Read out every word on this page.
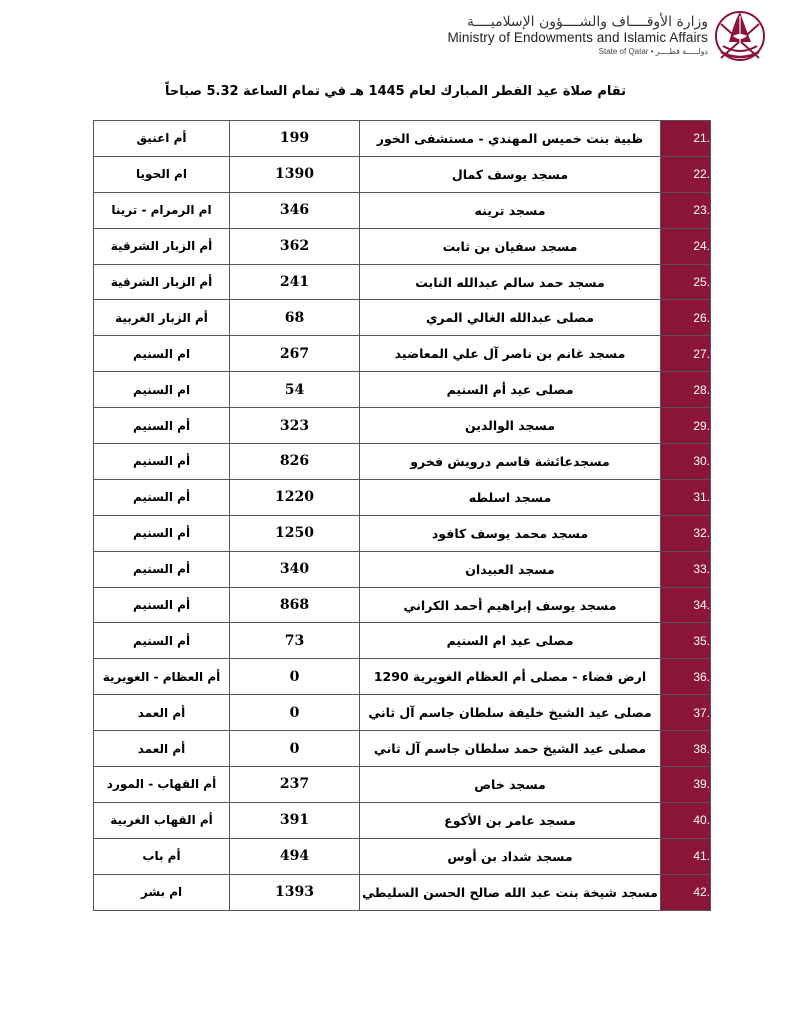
وزارة الأوقــــاف والشــــؤون الإسلاميــــة
Ministry of Endowments and Islamic Affairs
State of Qatar • دولـــــة قطــــر
تقام صلاة عيد الفطر المبارك لعام 1445 هـ في تمام الساعة 5.32 صباحاً
أم اعنيق	199	ظبية بنت خميس المهندي - مستشفى الخور	21.
ام الحويا	1390	مسجد يوسف كمال	22.
ام الرمرام - ترينا	346	مسجد ترينه	23.
أم الزبار الشرقية	362	مسجد سفيان بن ثابت	24.
أم الزبار الشرقية	241	مسجد حمد سالم عبدالله النابت	25.
أم الزبار الغربية	68	مصلى عبدالله الغالي المري	26.
ام السنيم	267	مسجد غانم بن ناصر آل علي المعاضيد	27.
ام السنيم	54	مصلى عيد أم السنيم	28.
أم السنيم	323	مسجد الوالدين	29.
أم السنيم	826	مسجدعائشة قاسم درويش فخرو	30.
أم السنيم	1220	مسجد اسلطه	31.
أم السنيم	1250	مسجد محمد يوسف كافود	32.
أم السنيم	340	مسجد العبيدان	33.
أم السنيم	868	مسجد يوسف إبراهيم أحمد الكراني	34.
أم السنيم	73	مصلى عيد ام السنيم	35.
أم العظام - الغويرية	0	ارض فضاء - مصلى أم العظام الغويرية 1290	36.
أم العمد	0	مصلى عيد الشيخ خليفة سلطان جاسم آل ثاني	37.
أم العمد	0	مصلى عيد الشيخ حمد سلطان جاسم آل ثاني	38.
أم القهاب - المورد	237	مسجد خاص	39.
أم القهاب الغربية	391	مسجد عامر بن الأكوع	40.
أم باب	494	مسجد شداد بن أوس	41.
ام بشر	1393	مسجد شيخة بنت عبد الله صالح الحسن السليطي	42.
